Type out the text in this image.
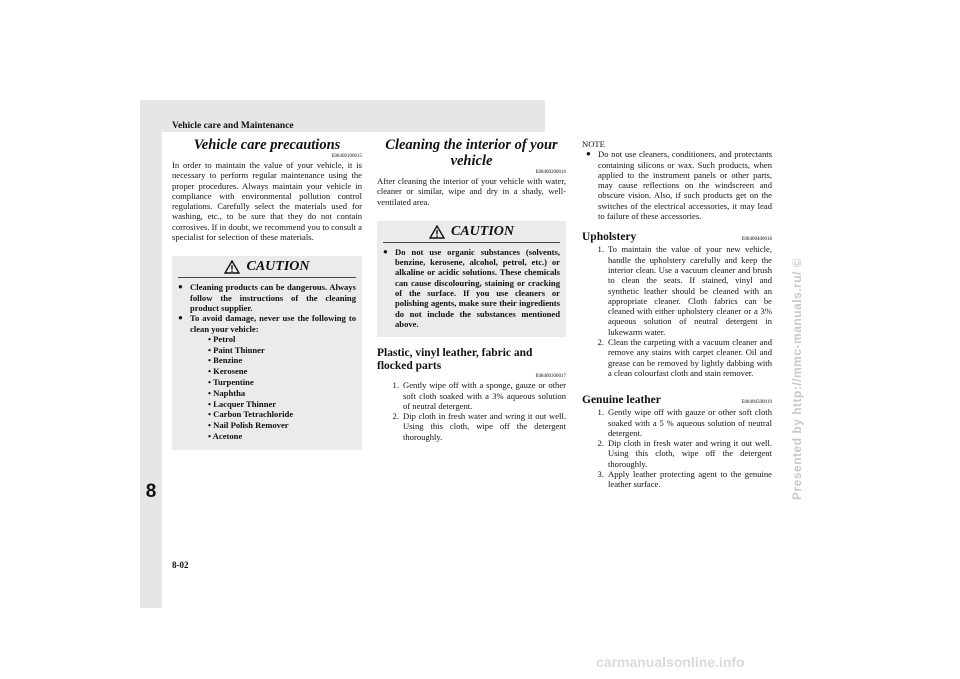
Vehicle care and Maintenance
8
8-02
Presented by http://mmc-manuals.ru/ ©
carmanualsonline.info
Vehicle care precautions
E08400100015

In order to maintain the value of your vehicle, it is necessary to perform regular maintenance using the proper procedures. Always maintain your vehicle in compliance with environmental pollution control regulations. Carefully select the materials used for washing, etc., to be sure that they do not contain corrosives. If in doubt, we recommend you to consult a specialist for selection of these materials.

CAUTION
● Cleaning products can be dangerous. Always follow the instructions of the cleaning product supplier.
● To avoid damage, never use the following to clean your vehicle:
• Petrol
• Paint Thinner
• Benzine
• Kerosene
• Turpentine
• Naphtha
• Lacquer Thinner
• Carbon Tetrachloride
• Nail Polish Remover
• Acetone
Cleaning the interior of your vehicle
E08400200016

After cleaning the interior of your vehicle with water, cleaner or similar, wipe and dry in a shady, well-ventilated area.

CAUTION
● Do not use organic substances (solvents, benzine, kerosene, alcohol, petrol, etc.) or alkaline or acidic solutions. These chemicals can cause discolouring, staining or cracking of the surface. If you use cleaners or polishing agents, make sure their ingredients do not include the substances mentioned above.
Plastic, vinyl leather, fabric and flocked parts
E08400300017
1. Gently wipe off with a sponge, gauze or other soft cloth soaked with a 3% aqueous solution of neutral detergent.
2. Dip cloth in fresh water and wring it out well. Using this cloth, wipe off the detergent thoroughly.

NOTE

● Do not use cleaners, conditioners, and protectants containing silicons or wax. Such products, when applied to the instrument panels or other parts, may cause reflections on the windscreen and obscure vision. Also, if such products get on the switches of the electrical accessories, it may lead to failure of these accessories.
Upholstery	E08400400018
1. To maintain the value of your new vehicle, handle the upholstery carefully and keep the interior clean. Use a vacuum cleaner and brush to clean the seats. If stained, vinyl and synthetic leather should be cleaned with an appropriate cleaner. Cloth fabrics can be cleaned with either upholstery cleaner or a 3% aqueous solution of neutral detergent in lukewarm water.
2. Clean the carpeting with a vacuum cleaner and remove any stains with carpet cleaner. Oil and grease can be removed by lightly dabbing with a clean colourfast cloth and stain remover.
Genuine leather	E08400500019
1. Gently wipe off with gauze or other soft cloth soaked with a 5 % aqueous solution of neutral detergent.
2. Dip cloth in fresh water and wring it out well. Using this cloth, wipe off the detergent thoroughly.
3. Apply leather protecting agent to the genuine leather surface.
